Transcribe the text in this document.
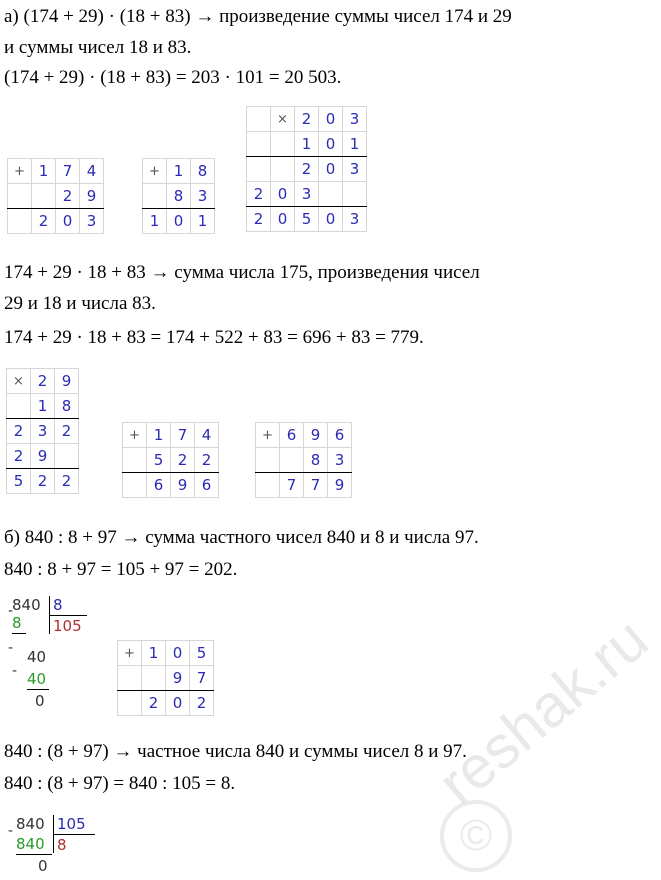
а) (174 + 29) · (18 + 83) → произведение суммы чисел 174 и 29
и суммы чисел 18 и 83.
(174 + 29) · (18 + 83) = 203 · 101 = 20 503.
174 + 29 · 18 + 83 → сумма числа 175, произведения чисел
29 и 18 и числа 83.
174 + 29 · 18 + 83 = 174 + 522 + 83 = 696 + 83 = 779.
б) 840 : 8 + 97 → сумма частного чисел 840 и 8 и числа 97.
840 : 8 + 97 = 105 + 97 = 202.
840 : (8 + 97) → частное числа 840 и суммы чисел 8 и 97.
840 : (8 + 97) = 840 : 105 = 8.
+	1	7	4
		2	9
	2	0	3
+	1	8
	8	3
1	0	1
	×	2	0	3
		1	0	1
		2	0	3
2	0	3		
2	0	5	0	3
×	2	9
	1	8
2	3	2
2	9	
5	2	2
+	1	7	4
	5	2	2
	6	9	6
+	6	9	6
		8	3
	7	7	9
+	1	0	5
		9	7
	2	0	2
-
840 8
105
8
- 40
- 40
0
- 840 105
8
840
0
reshak.ru
©
